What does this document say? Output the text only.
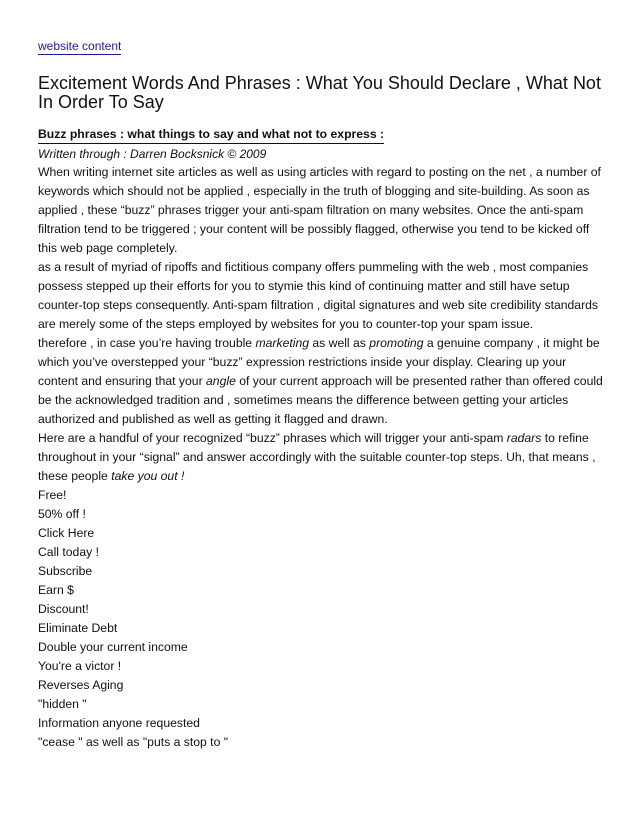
website content
Excitement Words And Phrases : What You Should Declare , What Not In Order To Say
Buzz phrases : what things to say and what not to express :
Written through : Darren Bocksnick © 2009

When writing internet site articles as well as using articles with regard to posting on the net , a number of keywords which should not be applied , especially in the truth of blogging and site-building. As soon as applied , these “buzz” phrases trigger your anti-spam filtration on many websites. Once the anti-spam filtration tend to be triggered ; your content will be possibly flagged, otherwise you tend to be kicked off this web page completely.

as a result of myriad of ripoffs and fictitious company offers pummeling with the web , most companies possess stepped up their efforts for you to stymie this kind of continuing matter and still have setup counter-top steps consequently. Anti-spam filtration , digital signatures and web site credibility standards are merely some of the steps employed by websites for you to counter-top your spam issue.

therefore , in case you’re having trouble marketing as well as promoting a genuine company , it might be which you’ve overstepped your “buzz” expression restrictions inside your display. Clearing up your content and ensuring that your angle of your current approach will be presented rather than offered could be the acknowledged tradition and , sometimes means the difference between getting your articles authorized and published as well as getting it flagged and drawn.

Here are a handful of your recognized “buzz” phrases which will trigger your anti-spam radars to refine throughout in your “signal” and answer accordingly with the suitable counter-top steps. Uh, that means , these people take you out !

Free!
50% off !
Click Here
Call today !
Subscribe
Earn $
Discount!
Eliminate Debt
Double your current income
You're a victor !
Reverses Aging
"hidden "
Information anyone requested
"cease " as well as "puts a stop to "
